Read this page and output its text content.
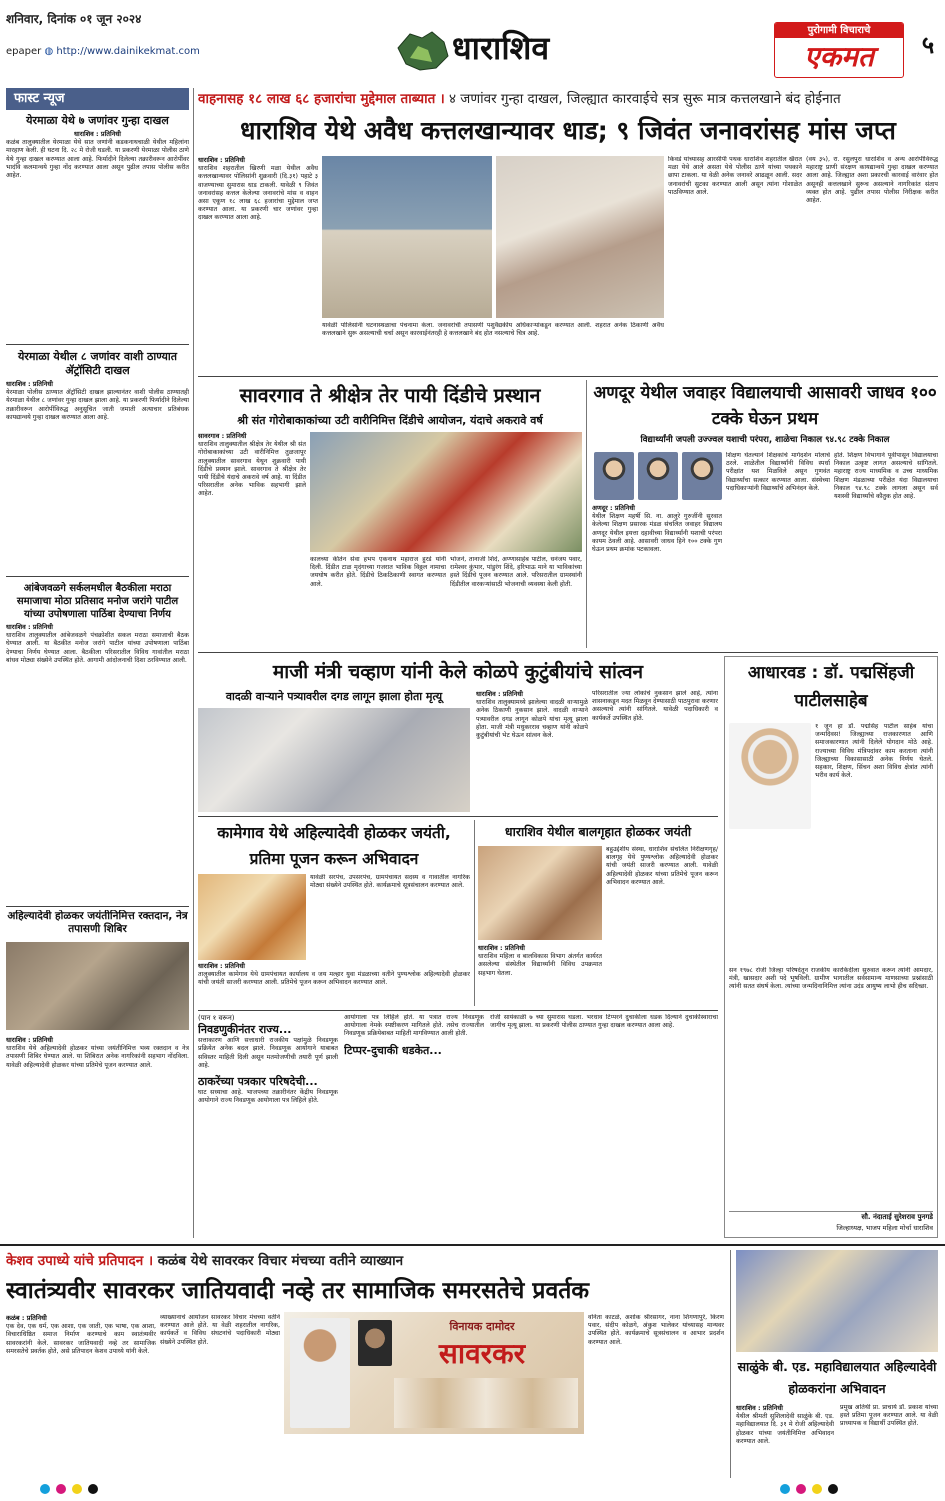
शनिवार, दिनांक ०१ जून २०२४
epaper ◍ http://www.dainikekmat.com	धाराशिव	पुरोगामी विचाराचे
एकमत	५
फास्ट न्यूज
येरमाळा येथे ७ जणांवर गुन्हा दाखल
धाराशिव : प्रतिनिधी
कळंब तालुक्यातील येरमाळा येथे सात जणांनी कडकनाथचाळी येथील महिलांना मारहाण केली. ही घटना दि. २८ मे रोजी घडली. या प्रकरणी येरमाळा पोलीस ठाणे येथे गुन्हा दाखल करण्यात आला आहे. फिर्यादीने दिलेल्या तक्रारीवरून आरोपींवर भादंवि कलमान्वये गुन्हा नोंद करण्यात आला असून पुढील तपास पोलीस करीत आहेत.
येरमाळा येथील ८ जणांवर वाशी ठाण्यात ॲट्रॉसिटी दाखल
धाराशिव : प्रतिनिधी
येरमाळा पोलीस ठाण्यात ॲट्रॉसिटी दाखल झाल्यानंतर वाशी पोलीस ठाण्यातही येरमाळा येथील ८ जणांवर गुन्हा दाखल झाला आहे. या प्रकरणी फिर्यादीने दिलेल्या तक्रारीवरून आरोपींविरुद्ध अनुसूचित जाती जमाती अत्याचार प्रतिबंधक कायद्यान्वये गुन्हा दाखल करण्यात आला आहे.
आंबेजवळगे सर्कलमधील बैठकीला मराठा समाजाचा मोठा प्रतिसाद मनोज जरांगे पाटील यांच्या उपोषणाला पाठिंबा देण्याचा निर्णय
धाराशिव : प्रतिनिधी
धाराशिव तालुक्यातील आंबेजवळगे पंचक्रोशीत सकल मराठा समाजाची बैठक घेण्यात आली. या बैठकीत मनोज जरांगे पाटील यांच्या उपोषणाला पाठिंबा देण्याचा निर्णय घेण्यात आला. बैठकीला परिसरातील विविध गावांतील मराठा बांधव मोठ्या संख्येने उपस्थित होते. आगामी आंदोलनाची दिशा ठरविण्यात आली.
अहिल्यादेवी होळकर जयंतीनिमित्त रक्तदान, नेत्र तपासणी शिबिर
धाराशिव : प्रतिनिधी
धाराशिव येथे अहिल्यादेवी होळकर यांच्या जयंतीनिमित्त भव्य रक्तदान व नेत्र तपासणी शिबिर घेण्यात आले. या शिबिरात अनेक नागरिकांनी सहभाग नोंदविला. यावेळी अहिल्यादेवी होळकर यांच्या प्रतिमेचे पूजन करण्यात आले.
वाहनासह १८ लाख ६८ हजारांचा मुद्देमाल ताब्यात । ४ जणांवर गुन्हा दाखल, जिल्ह्यात कारवाईचे सत्र सुरू मात्र कत्तलखाने बंद होईनात
धाराशिव येथे अवैध कत्तलखान्यावर धाड; ९ जिवंत जनावरांसह मांस जप्त
धाराशिव : प्रतिनिधी
धाराशिव शहरातील खिरणी मळा येथील अवैध कत्तलखान्यावर पोलिसांनी शुक्रवारी (दि.३१) पहाटे ३ वाजण्याच्या सुमारास धाड टाकली. यावेळी ९ जिवंत जनावरांसह कत्तल केलेल्या जनावरांचे मांस व वाहन असा एकूण १८ लाख ६८ हजारांचा मुद्देमाल जप्त करण्यात आला. या प्रकरणी चार जणांवर गुन्हा दाखल करण्यात आला आहे.
यावेळी पोलिसांनी घटनास्थळाचा पंचनामा केला. जनावरांची तपासणी पशुवैद्यकीय अधिकाऱ्यांकडून करण्यात आली. शहरात अनेक ठिकाणी अवैध कत्तलखाने सुरू असल्याची चर्चा असून कारवाईनंतरही हे कत्तलखाने बंद होत नसल्याचे चित्र आहे.
किंवडे यांच्यासह आरसीपी पथक धाराशिव शहरातील खैरात मळा येथे आले असता येथे पोलीस ठाणे यांच्या पथकाने छापा टाकला. या वेळी अनेक जनावरे आढळून आली. सदर जनावरांची सुटका करण्यात आली असून त्यांना गोशाळेत पाठविण्यात आले.
(वय ३५), रा. रसुलपुरा धाराशिव व अन्य आरोपींविरुद्ध महाराष्ट्र प्राणी संरक्षण कायद्यान्वये गुन्हा दाखल करण्यात आला आहे. जिल्ह्यात अशा प्रकारची कारवाई वारंवार होत असूनही कत्तलखाने सुरूच असल्याने नागरिकांत संताप व्यक्त होत आहे. पुढील तपास पोलीस निरीक्षक करीत आहेत.
सावरगाव ते श्रीक्षेत्र तेर पायी दिंडीचे प्रस्थान
श्री संत गोरोबाकाकांच्या उटी वारीनिमित्त दिंडीचे आयोजन, यंदाचे अकरावे वर्ष
सावरगाव : प्रतिनिधी
धाराशिव तालुक्यातील श्रीक्षेत्र तेर येथील श्री संत गोरोबाकाकांच्या उटी वारीनिमित्त तुळजापूर तालुक्यातील सावरगाव येथून शुक्रवारी पायी दिंडीचे प्रस्थान झाले. सावरगाव ते श्रीक्षेत्र तेर पायी दिंडीचे यंदाचे अकरावे वर्ष आहे. या दिंडीत परिसरातील अनेक भाविक सहभागी झाले आहेत.
कालच्या कीर्तन सेवा हभप एकनाथ महाराज हुरडे यांनी दिली. दिंडीत टाळ मृदंगाच्या गजरात भाविक विठ्ठल नामाचा जयघोष करीत होते. दिंडीचे ठिकठिकाणी स्वागत करण्यात आले.
भोजने, तानाजी शिंदे, अण्णासाहेब पाटील, धनंजय पवार, रामेश्वर कुंभार, पांडुरंग शिंदे, हरिभाऊ माने या भाविकांच्या हस्ते दिंडीचे पूजन करण्यात आले. परिसरातील ग्रामस्थांनी दिंडीतील वारकऱ्यांसाठी भोजनाची व्यवस्था केली होती.
अणदूर येथील जवाहर विद्यालयाची आसावरी जाधव १०० टक्के घेऊन प्रथम
विद्यार्थ्यांनी जपली उज्ज्वल यशाची परंपरा, शाळेचा निकाल ९४.९८ टक्के निकाल
अणदूर : प्रतिनिधी
येथील शिक्षण महर्षी सि. ना. आलुरे गुरुजींनी सुरवात केलेल्या शिक्षण प्रसारक मंडळ संचलित जवाहर विद्यालय अणदूर येथील इयत्ता दहावीच्या विद्यार्थ्यांनी यशाची परंपरा कायम ठेवली आहे. आसावरी जाधव हिने १०० टक्के गुण घेऊन प्रथम क्रमांक पटकावला.
शिक्षण घेतल्याने शिक्षकांचे मार्गदर्शन मोलाचे ठरले. शाळेतील विद्यार्थ्यांनी विविध स्पर्धा परीक्षांत यश मिळविले असून गुणवंत विद्यार्थ्यांचा सत्कार करण्यात आला. संस्थेच्या पदाधिकाऱ्यांनी विद्यार्थ्यांचे अभिनंदन केले.
होते. शिक्षण विभागाने पूर्वीपासून विद्यालयाचा निकाल उत्कृष्ट लागत असल्याचे सांगितले. महाराष्ट्र राज्य माध्यमिक व उच्च माध्यमिक शिक्षण मंडळाच्या परीक्षेत यंदा विद्यालयाचा निकाल ९४.९८ टक्के लागला असून सर्व यशस्वी विद्यार्थ्यांचे कौतुक होत आहे.
माजी मंत्री चव्हाण यांनी केले कोळपे कुटुंबीयांचे सांत्वन
वादळी वाऱ्याने पत्र्यावरील दगड लागून झाला होता मृत्यू	धाराशिव : प्रतिनिधी
धाराशिव तालुक्यामध्ये झालेल्या वादळी वाऱ्यामुळे अनेक ठिकाणी नुकसान झाले. वादळी वाऱ्याने पत्र्यावरील दगड लागून कोळपे यांचा मृत्यू झाला होता. माजी मंत्री मधुकरराव चव्हाण यांनी कोळपे कुटुंबीयांची भेट घेऊन सांत्वन केले.
परिसरातील ज्या लोकांचे नुकसान झाले आहे, त्यांना शासनाकडून मदत मिळवून देण्यासाठी पाठपुरावा करणार असल्याचे त्यांनी सांगितले. यावेळी पदाधिकारी व कार्यकर्ते उपस्थित होते.
कामेगाव येथे अहिल्यादेवी होळकर जयंती, प्रतिमा पूजन करून अभिवादन
धाराशिव : प्रतिनिधी
तालुक्यातील कामेगाव येथे ग्रामपंचायत कार्यालय व जय मल्हार युवा मंडळाच्या वतीने पुण्यश्लोक अहिल्यादेवी होळकर यांची जयंती साजरी करण्यात आली. प्रतिमेचे पूजन करून अभिवादन करण्यात आले.
यावेळी सरपंच, उपसरपंच, ग्रामपंचायत सदस्य व गावातील नागरिक मोठ्या संख्येने उपस्थित होते. कार्यक्रमाचे सूत्रसंचालन करण्यात आले.
धाराशिव येथील बालगृहात होळकर जयंती
बहुउद्देशीय संस्था, धाराशिव संचलित निरीक्षणगृह/बालगृह येथे पुण्यश्लोक अहिल्यादेवी होळकर यांची जयंती साजरी करण्यात आली. यावेळी अहिल्यादेवी होळकर यांच्या प्रतिमेचे पूजन करून अभिवादन करण्यात आले.
धाराशिव : प्रतिनिधी
धाराशिव महिला व बालविकास विभाग अंतर्गत कार्यरत असलेल्या संस्थेतील विद्यार्थ्यांनी विविध उपक्रमात सहभाग घेतला.
आधारवड : डॉ. पद्मसिंहजी पाटीलसाहेब
१ जून हा डॉ. पद्मसिंह पाटील साहेब यांचा जन्मदिवस! जिल्ह्याच्या राजकारणात आणि समाजकारणात त्यांनी दिलेले योगदान मोठे आहे. राज्याच्या विविध मंत्रिपदांवर काम करताना त्यांनी जिल्ह्याच्या विकासासाठी अनेक निर्णय घेतले. सहकार, शिक्षण, सिंचन अशा विविध क्षेत्रांत त्यांनी भरीव कार्य केले.
सन १९७८ रोजी जिल्हा परिषदेतून राजकीय कारकिर्दीला सुरुवात करून त्यांनी आमदार, मंत्री, खासदार अशी पदे भूषविली. ग्रामीण भागातील सर्वसामान्य माणसाच्या प्रश्नांसाठी त्यांनी सतत संघर्ष केला. त्यांच्या जन्मदिनानिमित्त त्यांना उदंड आयुष्य लाभो हीच सदिच्छा.
सौ. नंदाताई सुरेशराव पुनगडे
जिल्हाध्यक्ष, भाजप महिला मोर्चा धाराशिव
(पान १ वरून)
निवडणुकीनंतर राज्य...
सत्ताकारण आणि सत्ताधारी राजकीय पक्षांमुळे निवडणूक प्रक्रियेत अनेक बदल झाले. निवडणूक आयोगाने याबाबत सविस्तर माहिती दिली असून मतमोजणीची तयारी पूर्ण झाली आहे.
ठाकरेंच्या पत्रकार परिषदेची...
घाट सध्याचा आहे. भाजपच्या तक्रारीनंतर केंद्रीय निवडणूक आयोगाने राज्य निवडणूक आयोगाला पत्र लिहिले होते.
आयोगाला पत्र लिहिले होते. या पत्रात राज्य निवडणूक आयोगाला नेमके स्पष्टीकरण मागितले होते. तसेच राज्यातील निवडणूक प्रक्रियेबाबत माहिती मागविण्यात आली होती.
टिप्पर-दुचाकी धडकेत...
रोजी सायंकाळी ७ च्या सुमारास घडला. भरधाव टिप्परने दुचाकीला धडक दिल्याने दुचाकीस्वाराचा जागीच मृत्यू झाला. या प्रकरणी पोलीस ठाण्यात गुन्हा दाखल करण्यात आला आहे.
केशव उपाध्ये यांचे प्रतिपादन । कळंब येथे सावरकर विचार मंचच्या वतीने व्याख्यान
स्वातंत्र्यवीर सावरकर जातियवादी नव्हे तर सामाजिक समरसतेचे प्रवर्तक
कळंब : प्रतिनिधी
एक देव, एक धर्म, एक आशा, एक जाती, एक भाषा, एक आशा, विचाराधिष्ठित समाज निर्माण करण्याचे काम स्वातंत्र्यवीर सावरकरांनी केले. सावरकर जातियवादी नव्हे तर सामाजिक समरसतेचे प्रवर्तक होते, असे प्रतिपादन केशव उपाध्ये यांनी केले.
विनायक दामोदर
सावरकर
व्याख्यानाचे आयोजन सावरकर विचार मंचच्या वतीने करण्यात आले होते. या वेळी शहरातील नागरिक, कार्यकर्ते व विविध संघटनांचे पदाधिकारी मोठ्या संख्येने उपस्थित होते.
वनिता काटळे, अशोक श्रीरसागर, नाना शिंगणापुरे, किरण पवार, संदीप कोळगे, अंकुश भालेकर यांच्यासह मान्यवर उपस्थित होते. कार्यक्रमाचे सूत्रसंचालन व आभार प्रदर्शन करण्यात आले.
साळुंके बी. एड. महाविद्यालयात अहिल्यादेवी होळकरांना अभिवादन
धाराशिव : प्रतिनिधी
येथील श्रीमती सुशिलादेवी साळुंके बी. एड. महाविद्यालयात दि. ३१ मे रोजी अहिल्यादेवी होळकर यांच्या जयंतीनिमित्त अभिवादन करण्यात आले.
प्रमुख अतिथी प्रा. प्राचार्य डॉ. प्रकाश यांच्या हस्ते प्रतिमा पूजन करण्यात आले. या वेळी प्राध्यापक व विद्यार्थी उपस्थित होते.
